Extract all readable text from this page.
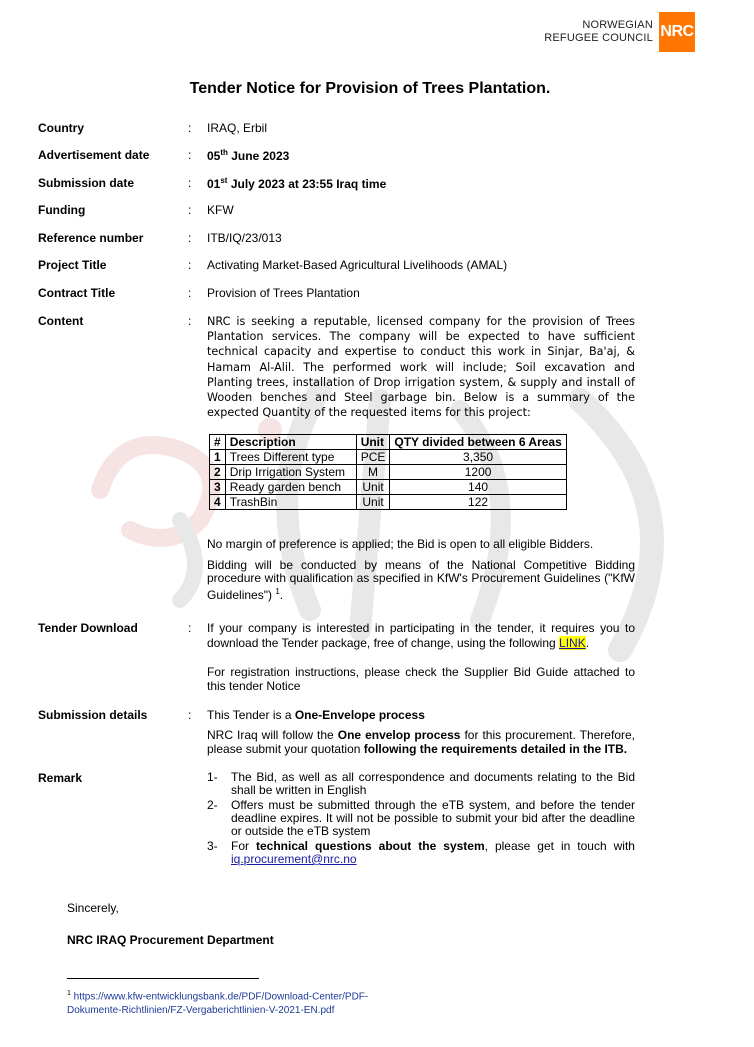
NORWEGIAN
REFUGEE COUNCIL NRC
Tender Notice for Provision of Trees Plantation.
Country	: IRAQ, Erbil
Advertisement date	: 05th June 2023
Submission date	: 01st July 2023 at 23:55 Iraq time
Funding	: KFW
Reference number	: ITB/IQ/23/013
Project Title	: Activating Market-Based Agricultural Livelihoods (AMAL)
Contract Title	: Provision of Trees Plantation
Content	: NRC is seeking a reputable, licensed company for the provision of Trees Plantation services. The company will be expected to have sufficient technical capacity and expertise to conduct this work in Sinjar, Ba'aj, & Hamam Al-Alil. The performed work will include; Soil excavation and Planting trees, installation of Drop irrigation system, & supply and install of Wooden benches and Steel garbage bin. Below is a summary of the expected Quantity of the requested items for this project:
#	Description	Unit	QTY divided between 6 Areas
1	Trees Different type	PCE	3,350
2	Drip Irrigation System	M	1200
3	Ready garden bench	Unit	140
4	TrashBin	Unit	122
No margin of preference is applied; the Bid is open to all eligible Bidders.
Bidding will be conducted by means of the National Competitive Bidding procedure with qualification as specified in KfW's Procurement Guidelines ("KfW Guidelines") $^1$.
Tender Download	: If your company is interested in participating in the tender, it requires you to download the Tender package, free of change, using the following LINK.
For registration instructions, please check the Supplier Bid Guide attached to this tender Notice
Submission details	: This Tender is a One-Envelope process
NRC Iraq will follow the One envelop process for this procurement. Therefore, please submit your quotation following the requirements detailed in the ITB.
Remark	1- The Bid, as well as all correspondence and documents relating to the Bid shall be written in English
2- Offers must be submitted through the eTB system, and before the tender deadline expires. It will not be possible to submit your bid after the deadline or outside the eTB system
3- For technical questions about the system, please get in touch with iq.procurement@nrc.no
Sincerely,
NRC IRAQ Procurement Department
$^1$ https://www.kfw-entwicklungsbank.de/PDF/Download-Center/PDF-
Dokumente-Richtlinien/FZ-Vergaberichtlinien-V-2021-EN.pdf
